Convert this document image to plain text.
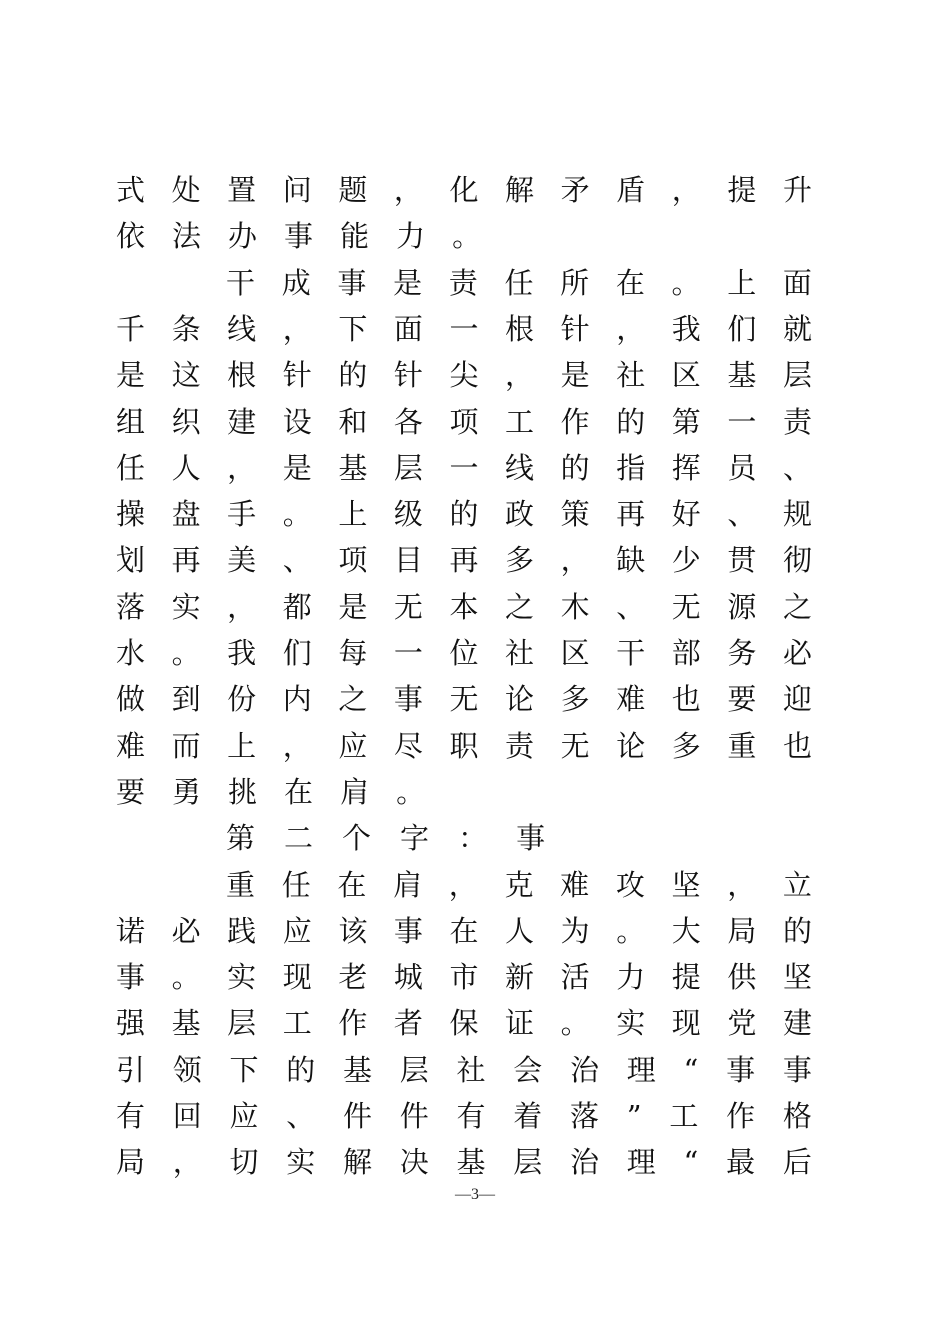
式 处 置 问 题 ， 化 解 矛 盾 ， 提 升
依 法 办 事 能 力 。
干 成 事 是 责 任 所 在 。 上 面
千 条 线 ， 下 面 一 根 针 ， 我 们 就
是 这 根 针 的 针 尖 ， 是 社 区 基 层
组 织 建 设 和 各 项 工 作 的 第 一 责
任 人 ， 是 基 层 一 线 的 指 挥 员 、
操 盘 手 。 上 级 的 政 策 再 好 、 规
划 再 美 、 项 目 再 多 ， 缺 少 贯 彻
落 实 ， 都 是 无 本 之 木 、 无 源 之
水 。 我 们 每 一 位 社 区 干 部 务 必
做 到 份 内 之 事 无 论 多 难 也 要 迎
难 而 上 ， 应 尽 职 责 无 论 多 重 也
要 勇 挑 在 肩 。
第 二 个 字 ： 事
重 任 在 肩 ， 克 难 攻 坚 ， 立
诺 必 践 应 该 事 在 人 为 。 大 局 的
事 。 实 现 老 城 市 新 活 力 提 供 坚
强 基 层 工 作 者 保 证 。 实 现 党 建
引 领 下 的 基 层 社 会 治 理 “ 事 事
有 回 应 、 件 件 有 着 落 ” 工 作 格
局 ， 切 实 解 决 基 层 治 理 “ 最 后
—3—
